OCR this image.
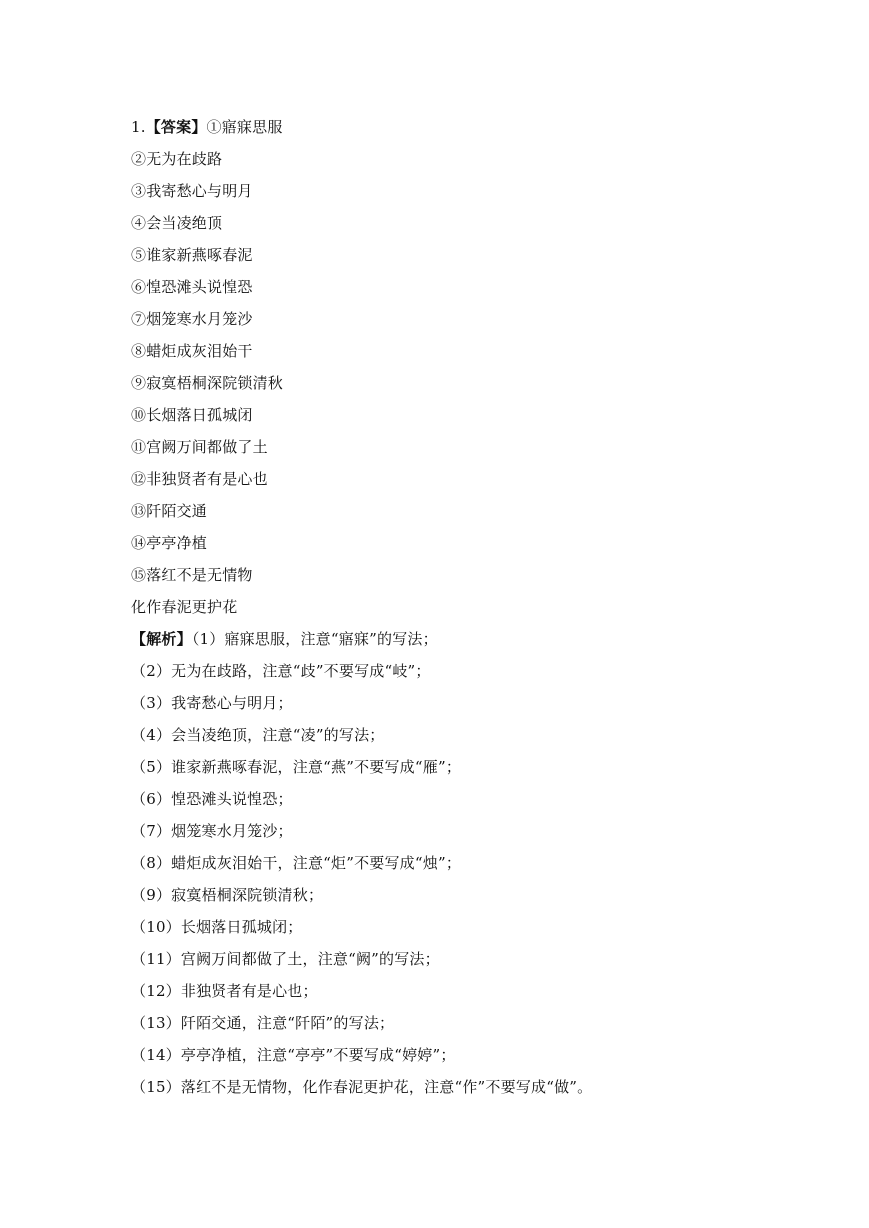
1.【答案】①寤寐思服
②无为在歧路
③我寄愁心与明月
④会当凌绝顶
⑤谁家新燕啄春泥
⑥惶恐滩头说惶恐
⑦烟笼寒水月笼沙
⑧蜡炬成灰泪始干
⑨寂寞梧桐深院锁清秋
⑩长烟落日孤城闭
⑪宫阙万间都做了土
⑫非独贤者有是心也
⑬阡陌交通
⑭亭亭净植
⑮落红不是无情物
化作春泥更护花
【解析】（1）寤寐思服，注意“寤寐”的写法；
（2）无为在歧路，注意“歧”不要写成“岐”；
（3）我寄愁心与明月；
（4）会当凌绝顶，注意“凌”的写法；
（5）谁家新燕啄春泥，注意“燕”不要写成“雁”；
（6）惶恐滩头说惶恐；
（7）烟笼寒水月笼沙；
（8）蜡炬成灰泪始干，注意“炬”不要写成“烛”；
（9）寂寞梧桐深院锁清秋；
（10）长烟落日孤城闭；
（11）宫阙万间都做了土，注意“阙”的写法；
（12）非独贤者有是心也；
（13）阡陌交通，注意“阡陌”的写法；
（14）亭亭净植，注意“亭亭”不要写成“婷婷”；
（15）落红不是无情物，化作春泥更护花，注意“作”不要写成“做”。
